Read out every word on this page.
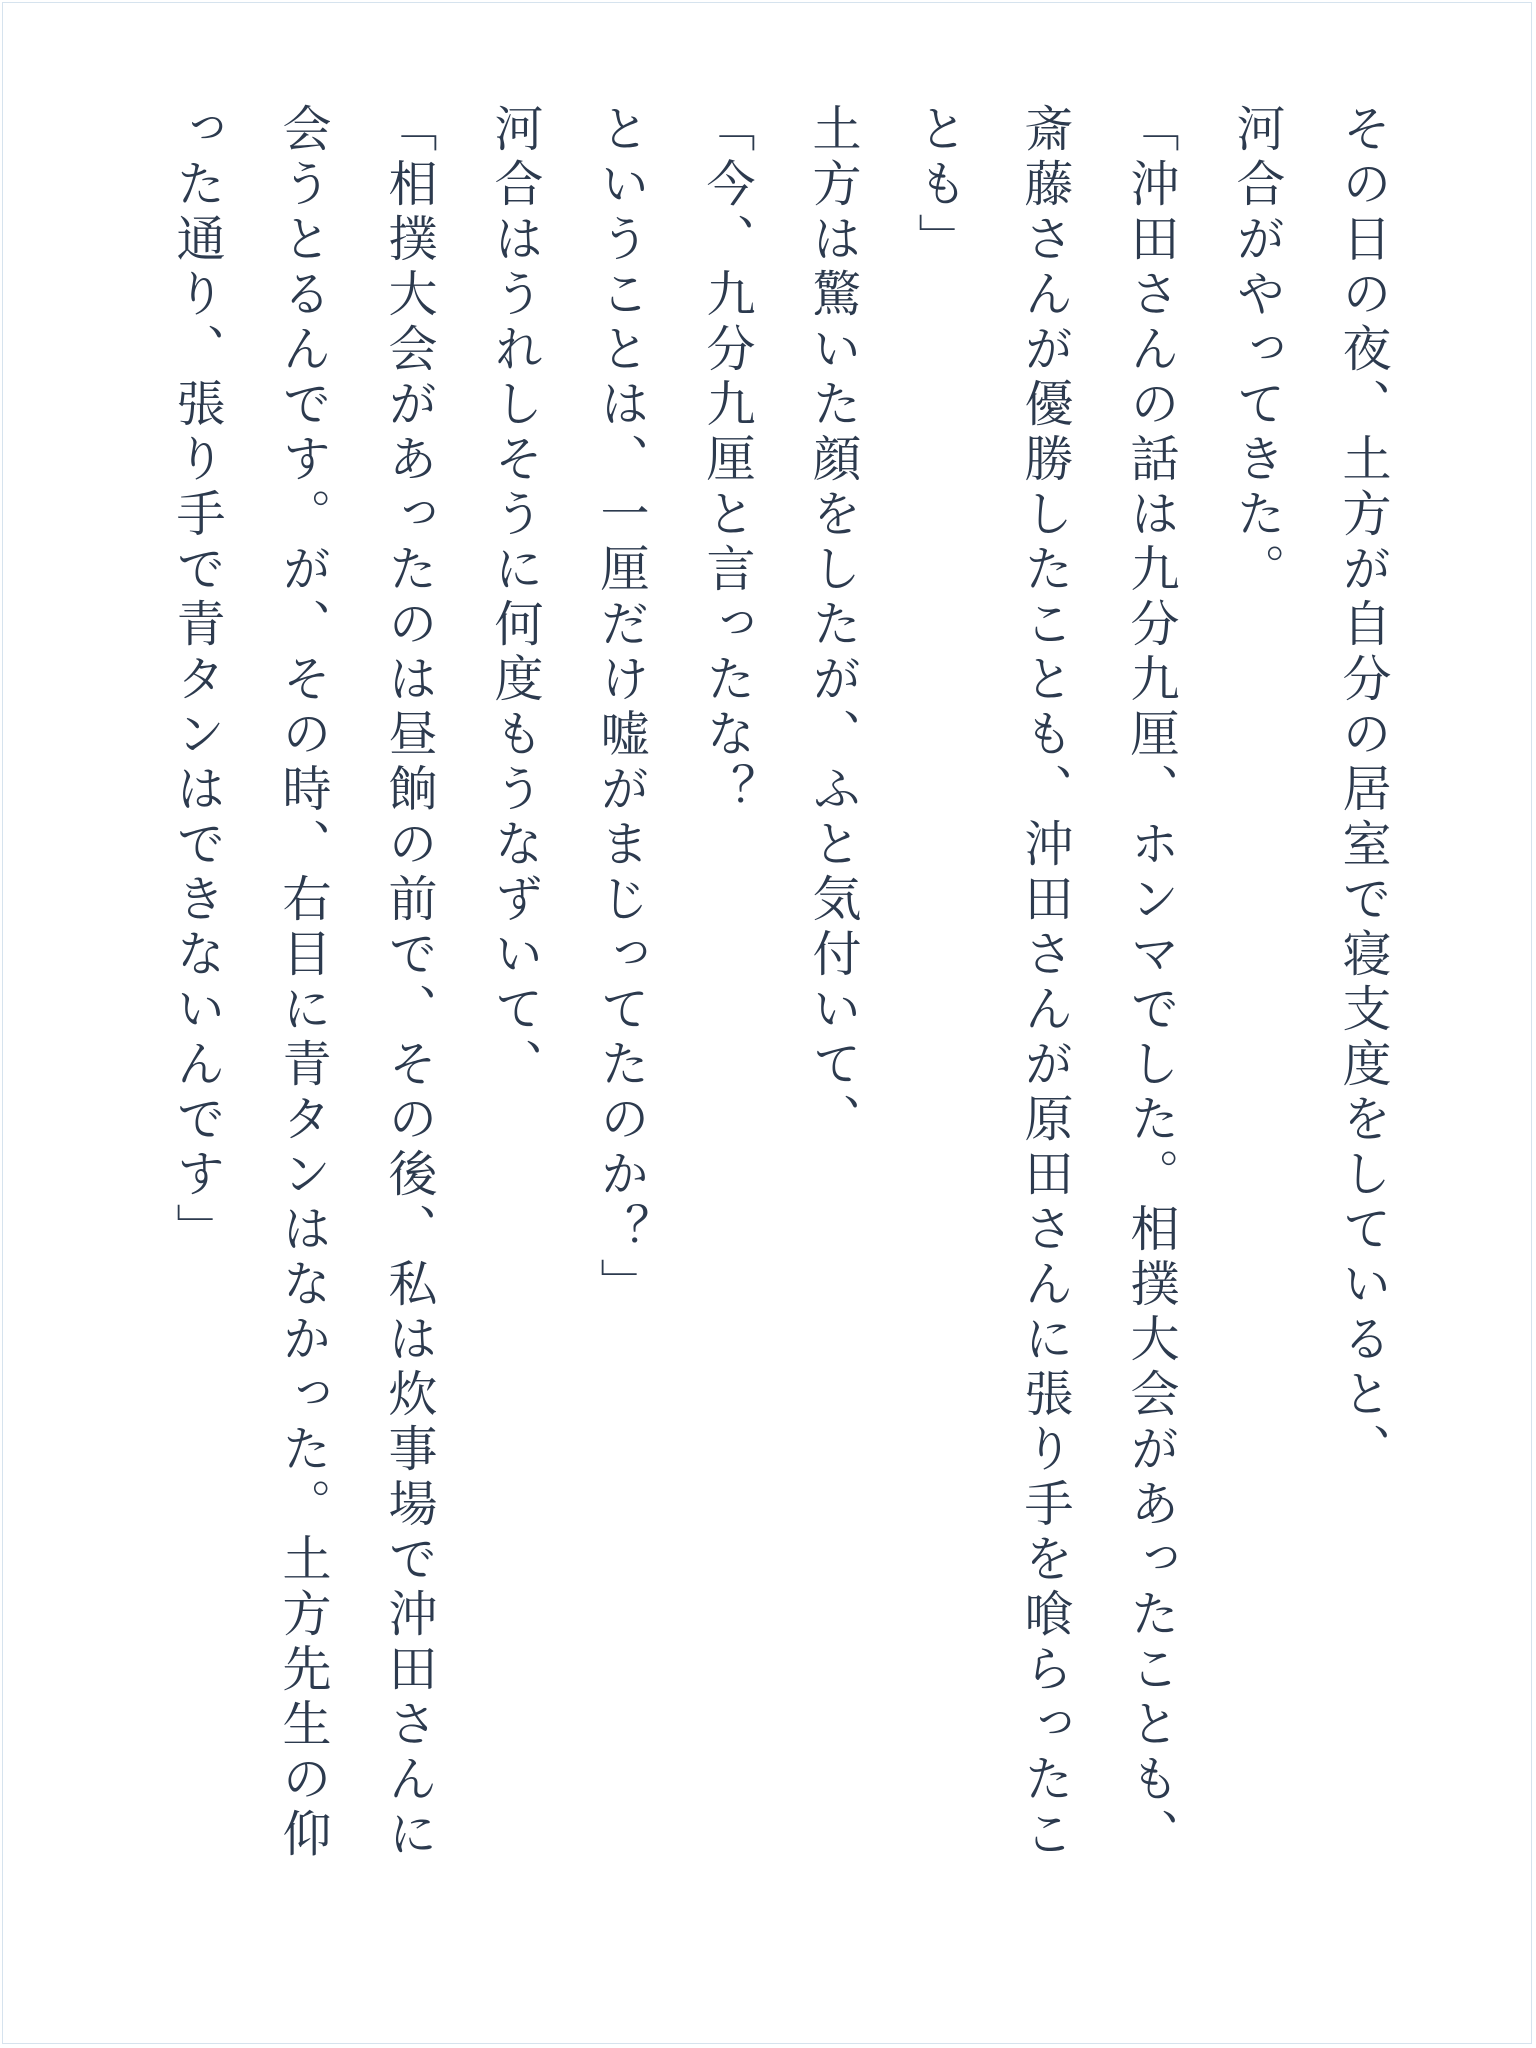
その日の夜、土方が自分の居室で寝支度をしていると、
河合がやってきた。
「沖田さんの話は九分九厘、ホンマでした。相撲大会があったことも、斎藤さんが優勝したことも、沖田さんが原田さんに張り手を喰らったことも」
土方は驚いた顔をしたが、ふと気付いて、
「今、九分九厘と言ったな？
ということは、一厘だけ嘘がまじってたのか？」
河合はうれしそうに何度もうなずいて、
「相撲大会があったのは昼餉の前で、その後、私は炊事場で沖田さんに会うとるんです。が、その時、右目に青タンはなかった。土方先生の仰った通り、張り手で青タンはできないんです」
